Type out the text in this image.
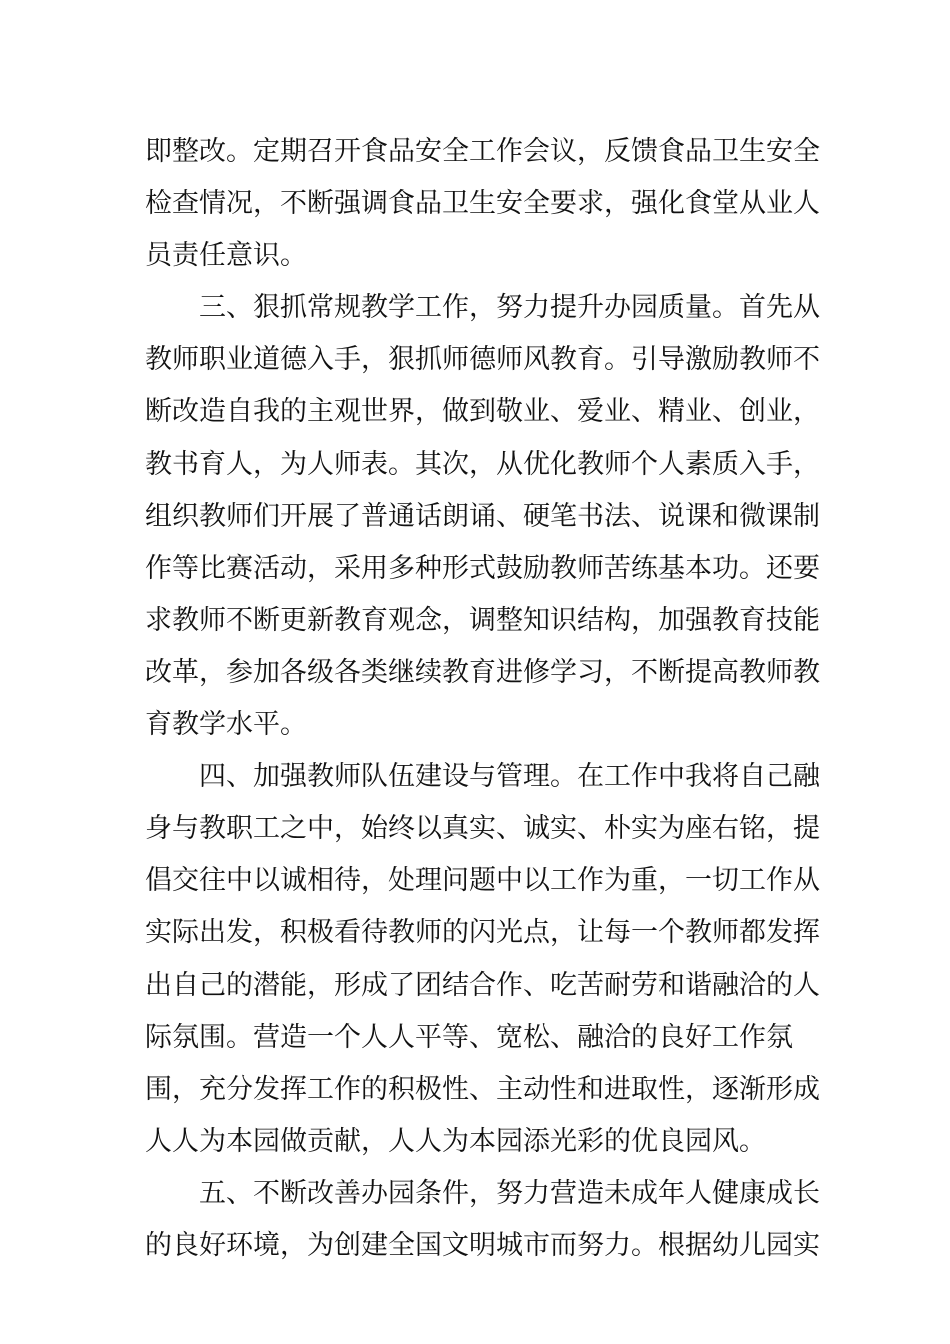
即整改。定期召开食品安全工作会议，反馈食品卫生安全
检查情况，不断强调食品卫生安全要求，强化食堂从业人
员责任意识。
三、狠抓常规教学工作，努力提升办园质量。首先从
教师职业道德入手，狠抓师德师风教育。引导激励教师不
断改造自我的主观世界，做到敬业、爱业、精业、创业，
教书育人，为人师表。其次，从优化教师个人素质入手，
组织教师们开展了普通话朗诵、硬笔书法、说课和微课制
作等比赛活动，采用多种形式鼓励教师苦练基本功。还要
求教师不断更新教育观念，调整知识结构，加强教育技能
改革，参加各级各类继续教育进修学习，不断提高教师教
育教学水平。
四、加强教师队伍建设与管理。在工作中我将自己融
身与教职工之中，始终以真实、诚实、朴实为座右铭，提
倡交往中以诚相待，处理问题中以工作为重，一切工作从
实际出发，积极看待教师的闪光点，让每一个教师都发挥
出自己的潜能，形成了团结合作、吃苦耐劳和谐融洽的人
际氛围。营造一个人人平等、宽松、融洽的良好工作氛
围，充分发挥工作的积极性、主动性和进取性，逐渐形成
人人为本园做贡献，人人为本园添光彩的优良园风。
五、不断改善办园条件，努力营造未成年人健康成长
的良好环境，为创建全国文明城市而努力。根据幼儿园实
